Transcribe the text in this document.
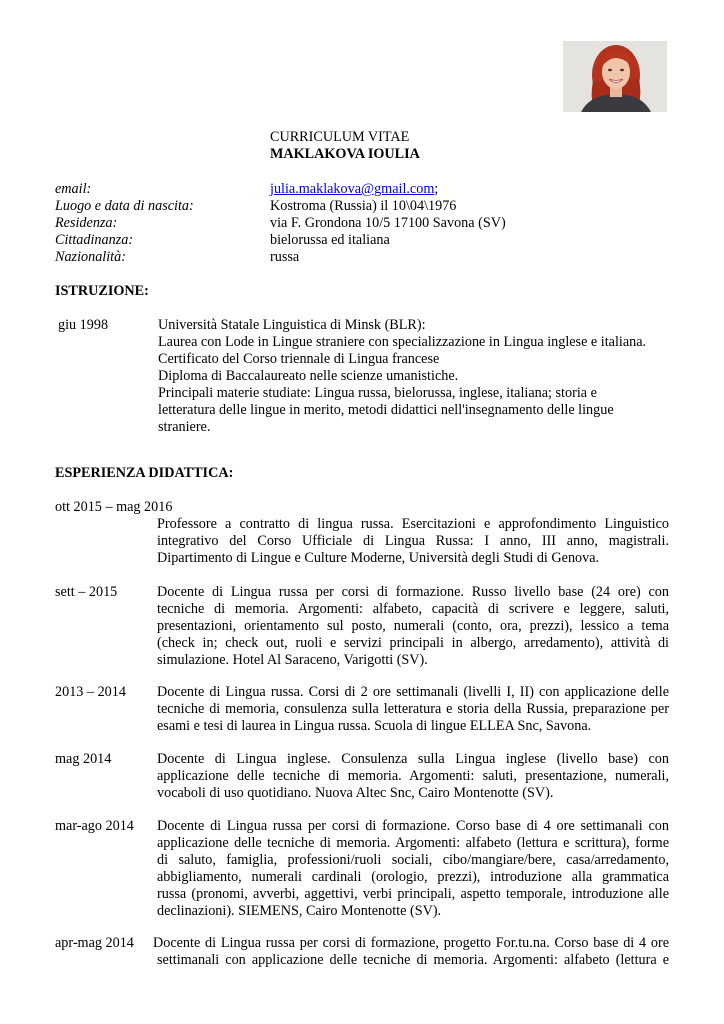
CURRICULUM VITAE
MAKLAKOVA IOULIA
email:	julia.maklakova@gmail.com;
Luogo e data di nascita:	Kostroma (Russia) il 10\04\1976
Residenza:	via F. Grondona 10/5 17100 Savona (SV)
Cittadinanza:	bielorussa ed italiana
Nazionalità:	russa
ISTRUZIONE:
giu 1998	Università Statale Linguistica di Minsk (BLR):
Laurea con Lode in Lingue straniere con specializzazione in Lingua inglese e italiana.
Certificato del Corso triennale di Lingua francese
Diploma di Baccalaureato nelle scienze umanistiche.
Principali materie studiate: Lingua russa, bielorussa, inglese, italiana; storia e
letteratura delle lingue in merito, metodi didattici nell'insegnamento delle lingue
straniere.
ESPERIENZA DIDATTICA:
ott 2015 – mag 2016
Professore a contratto di lingua russa. Esercitazioni e approfondimento Linguistico
integrativo del Corso Ufficiale di Lingua Russa: I anno, III anno, magistrali.
Dipartimento di Lingue e Culture Moderne, Università degli Studi di Genova.
sett – 2015	Docente di Lingua russa per corsi di formazione. Russo livello base (24 ore) con
tecniche di memoria. Argomenti: alfabeto, capacità di scrivere e leggere, saluti,
presentazioni, orientamento sul posto, numerali (conto, ora, prezzi), lessico a tema
(check in; check out, ruoli e servizi principali in albergo, arredamento), attività di
simulazione. Hotel Al Saraceno, Varigotti (SV).
2013 – 2014 Docente di Lingua russa. Corsi di 2 ore settimanali (livelli I, II) con applicazione delle
tecniche di memoria, consulenza sulla letteratura e storia della Russia, preparazione per
esami e tesi di laurea in Lingua russa. Scuola di lingue ELLEA Snc, Savona.
mag 2014	Docente di Lingua inglese. Consulenza sulla Lingua inglese (livello base) con
applicazione delle tecniche di memoria. Argomenti: saluti, presentazione, numerali,
vocaboli di uso quotidiano. Nuova Altec Snc, Cairo Montenotte (SV).
mar-ago 2014 Docente di Lingua russa per corsi di formazione. Corso base di 4 ore settimanali con
applicazione delle tecniche di memoria. Argomenti: alfabeto (lettura e scrittura), forme
di saluto, famiglia, professioni/ruoli sociali, cibo/mangiare/bere, casa/arredamento,
abbigliamento, numerali cardinali (orologio, prezzi), introduzione alla grammatica
russa (pronomi, avverbi, aggettivi, verbi principali, aspetto temporale, introduzione alle
declinazioni). SIEMENS, Cairo Montenotte (SV).
apr-mag 2014 Docente di Lingua russa per corsi di formazione, progetto For.tu.na. Corso base di 4 ore
settimanali con applicazione delle tecniche di memoria. Argomenti: alfabeto (lettura e
